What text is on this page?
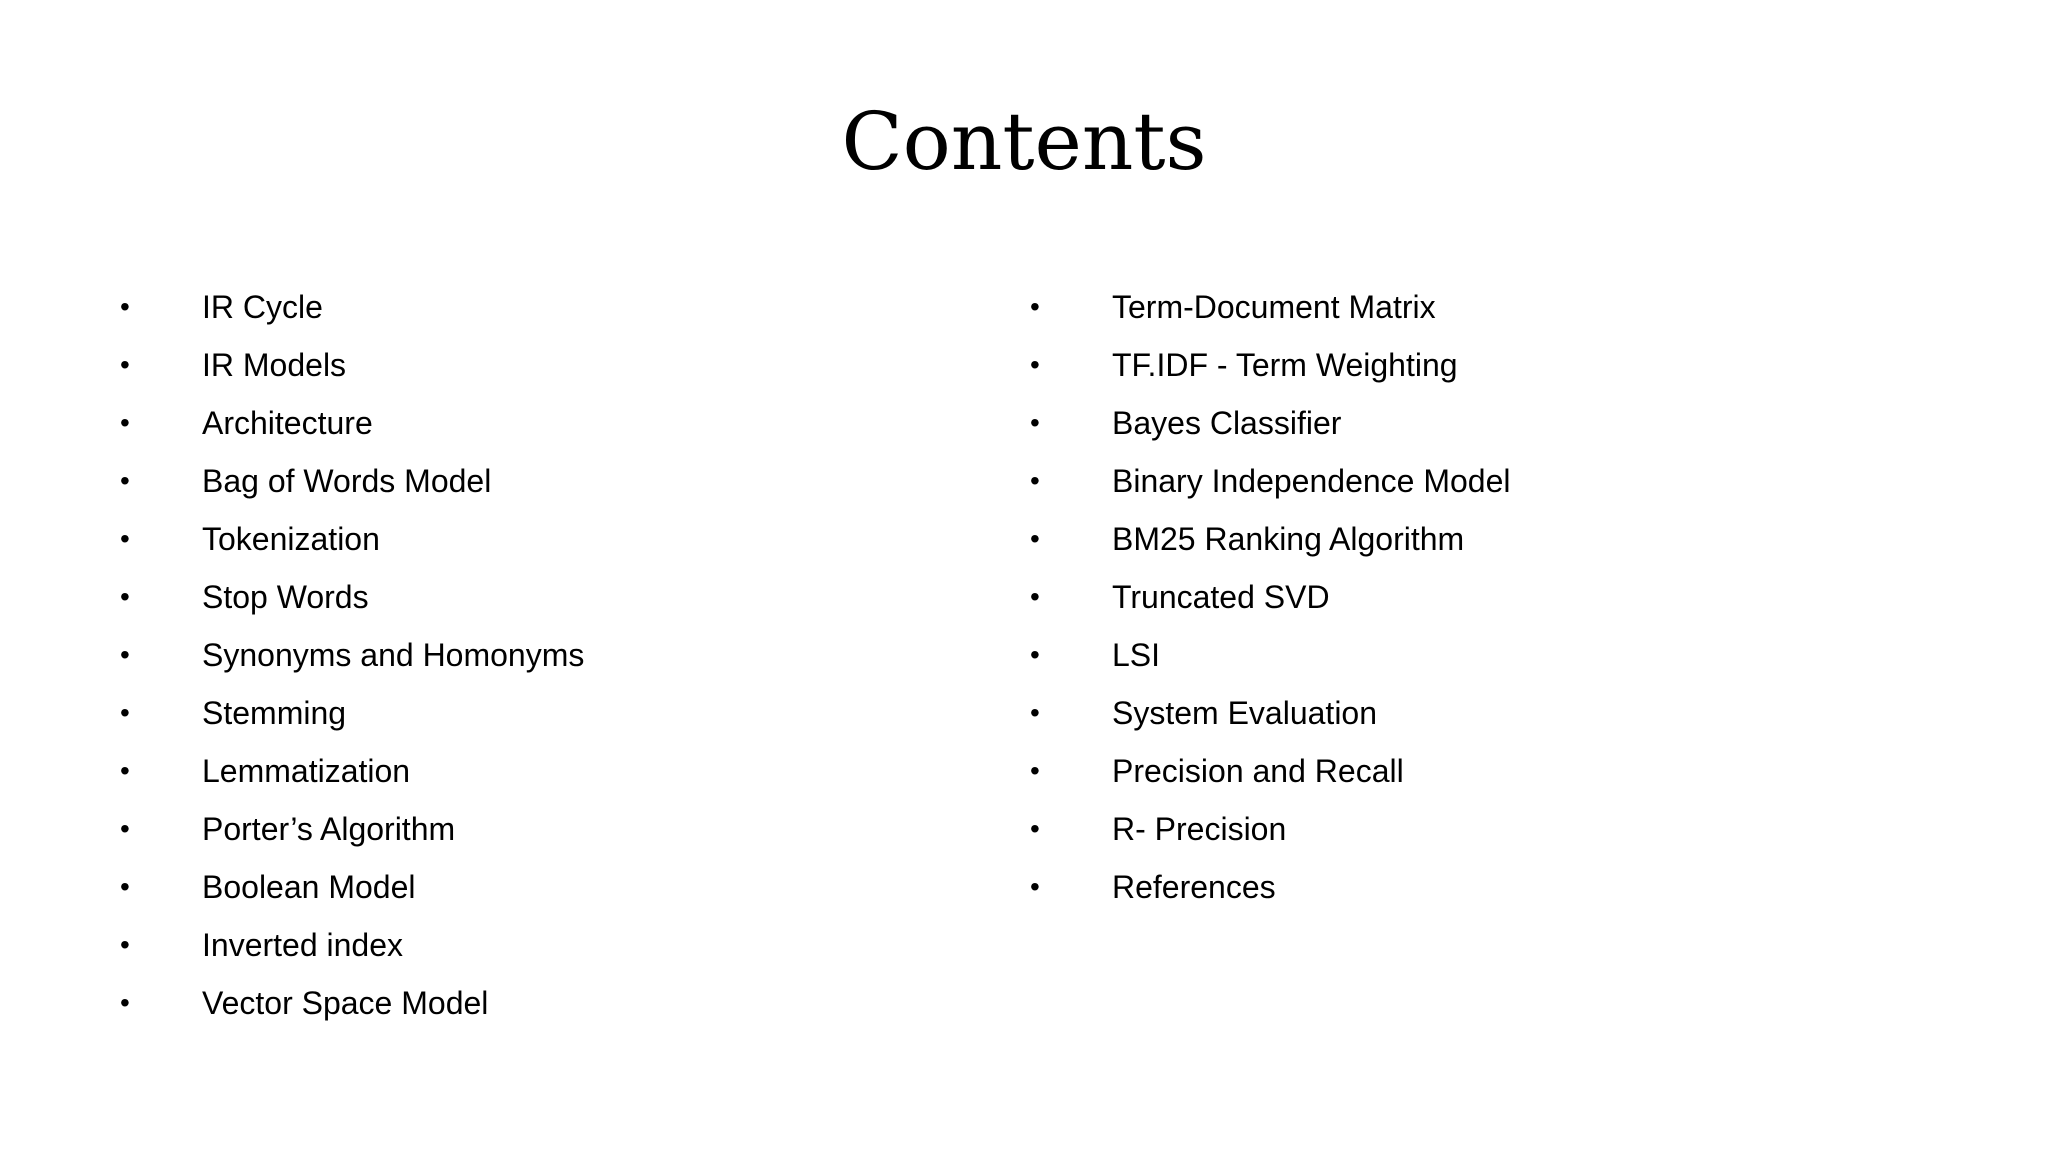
Contents
•	IR Cycle
•	IR Models
•	Architecture
•	Bag of Words Model
•	Tokenization
•	Stop Words
•	Synonyms and Homonyms
•	Stemming
•	Lemmatization
•	Porter’s Algorithm
•	Boolean Model
•	Inverted index
•	Vector Space Model
•	Term-Document Matrix
•	TF.IDF - Term Weighting
•	Bayes Classifier
•	Binary Independence Model
•	BM25 Ranking Algorithm
•	Truncated SVD
•	LSI
•	System Evaluation
•	Precision and Recall
•	R- Precision
•	References
